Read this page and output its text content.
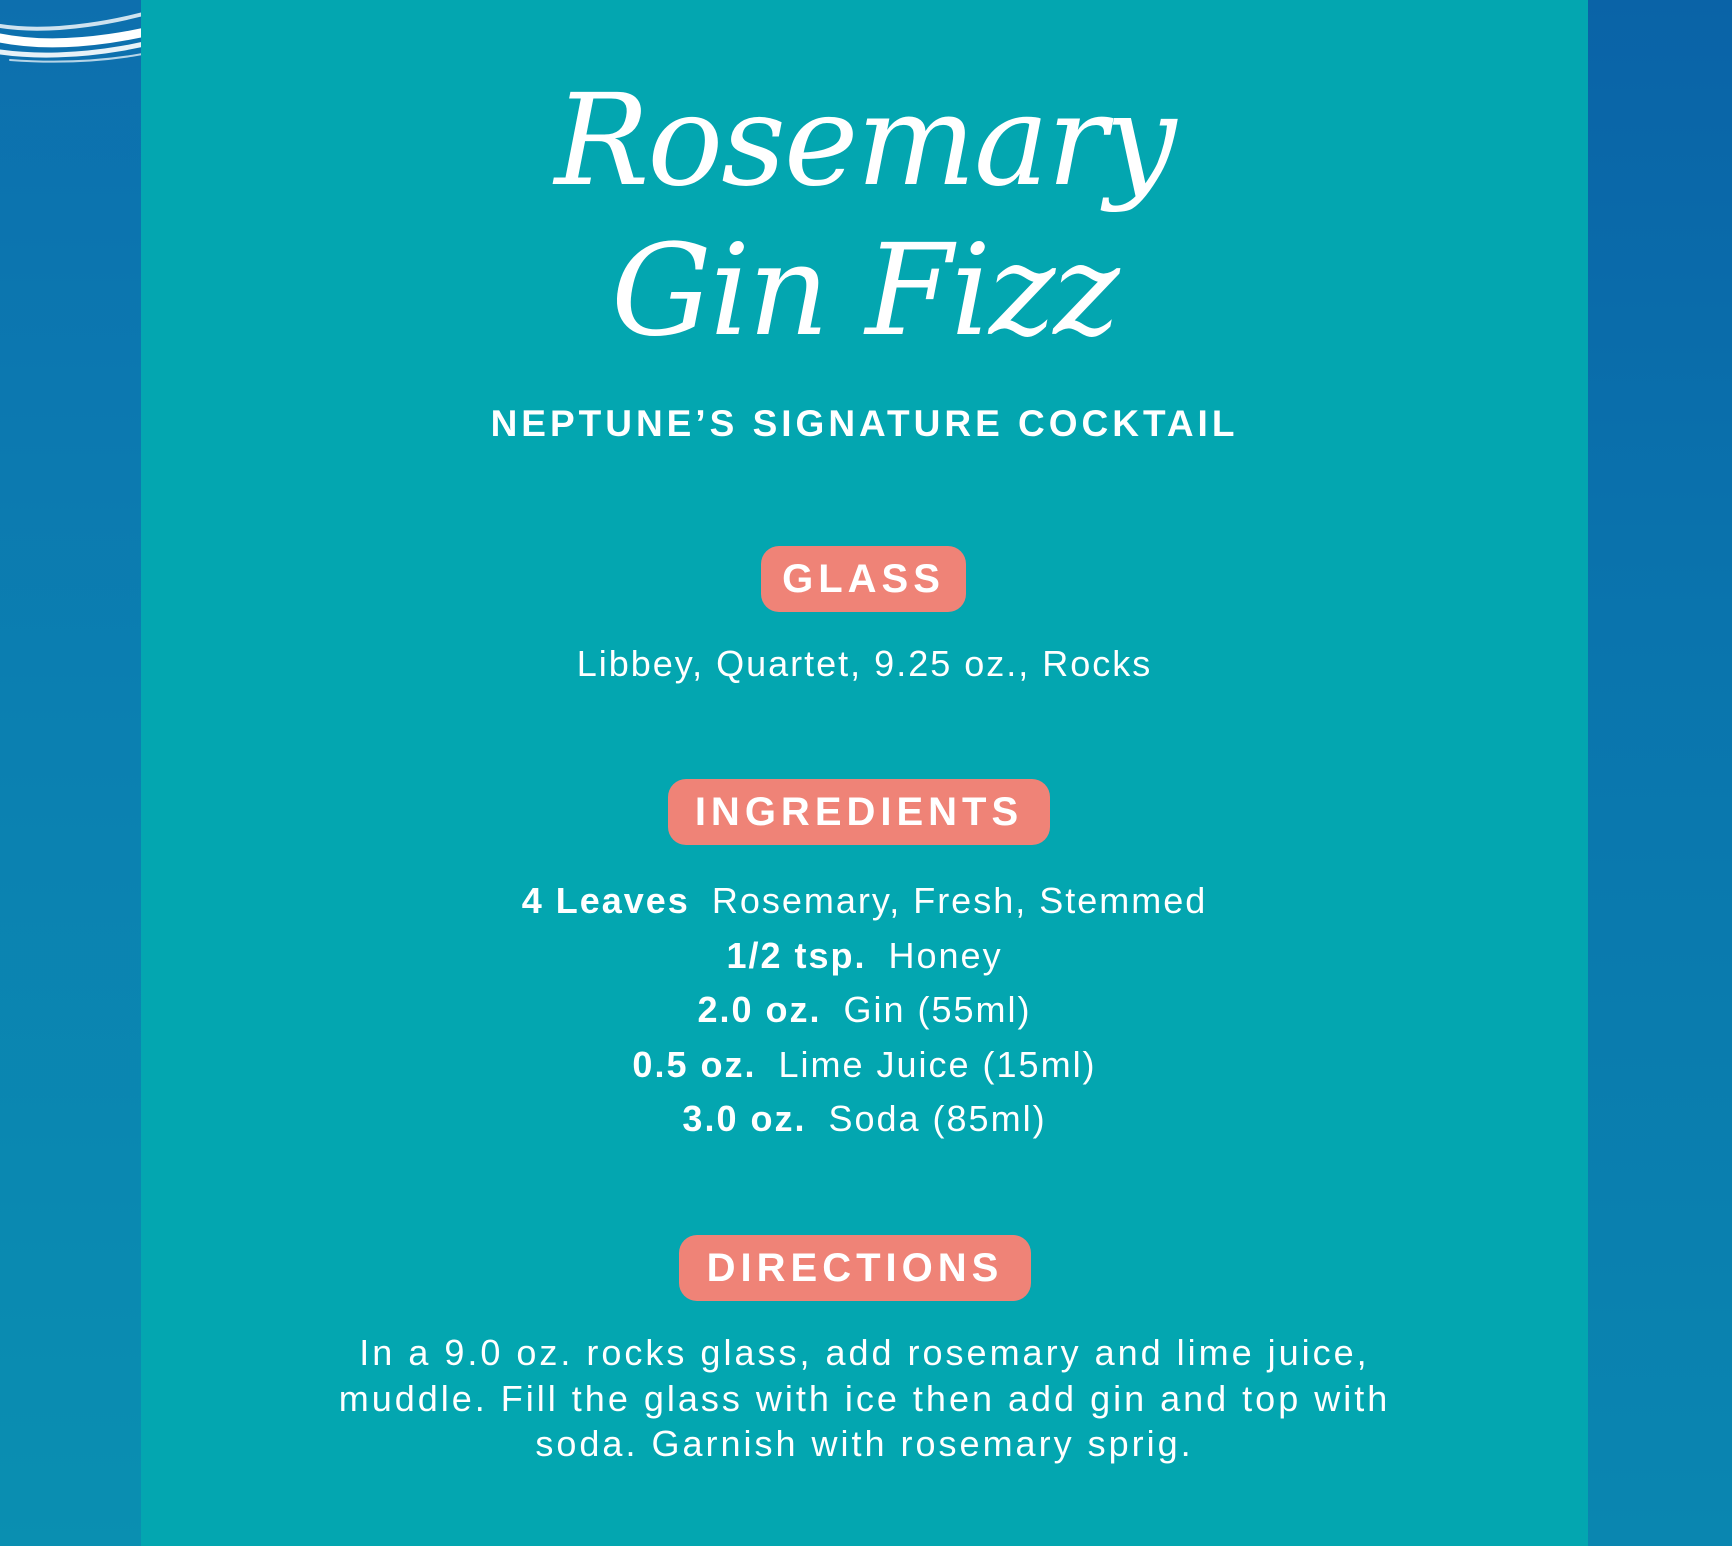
Rosemary
Gin Fizz
NEPTUNE’S SIGNATURE COCKTAIL
GLASS
Libbey, Quartet, 9.25 oz., Rocks
INGREDIENTS
4 Leaves Rosemary, Fresh, Stemmed
1/2 tsp. Honey
2.0 oz. Gin (55ml)
0.5 oz. Lime Juice (15ml)
3.0 oz. Soda (85ml)
DIRECTIONS
In a 9.0 oz. rocks glass, add rosemary and lime juice, muddle. Fill the glass with ice then add gin and top with soda. Garnish with rosemary sprig.
